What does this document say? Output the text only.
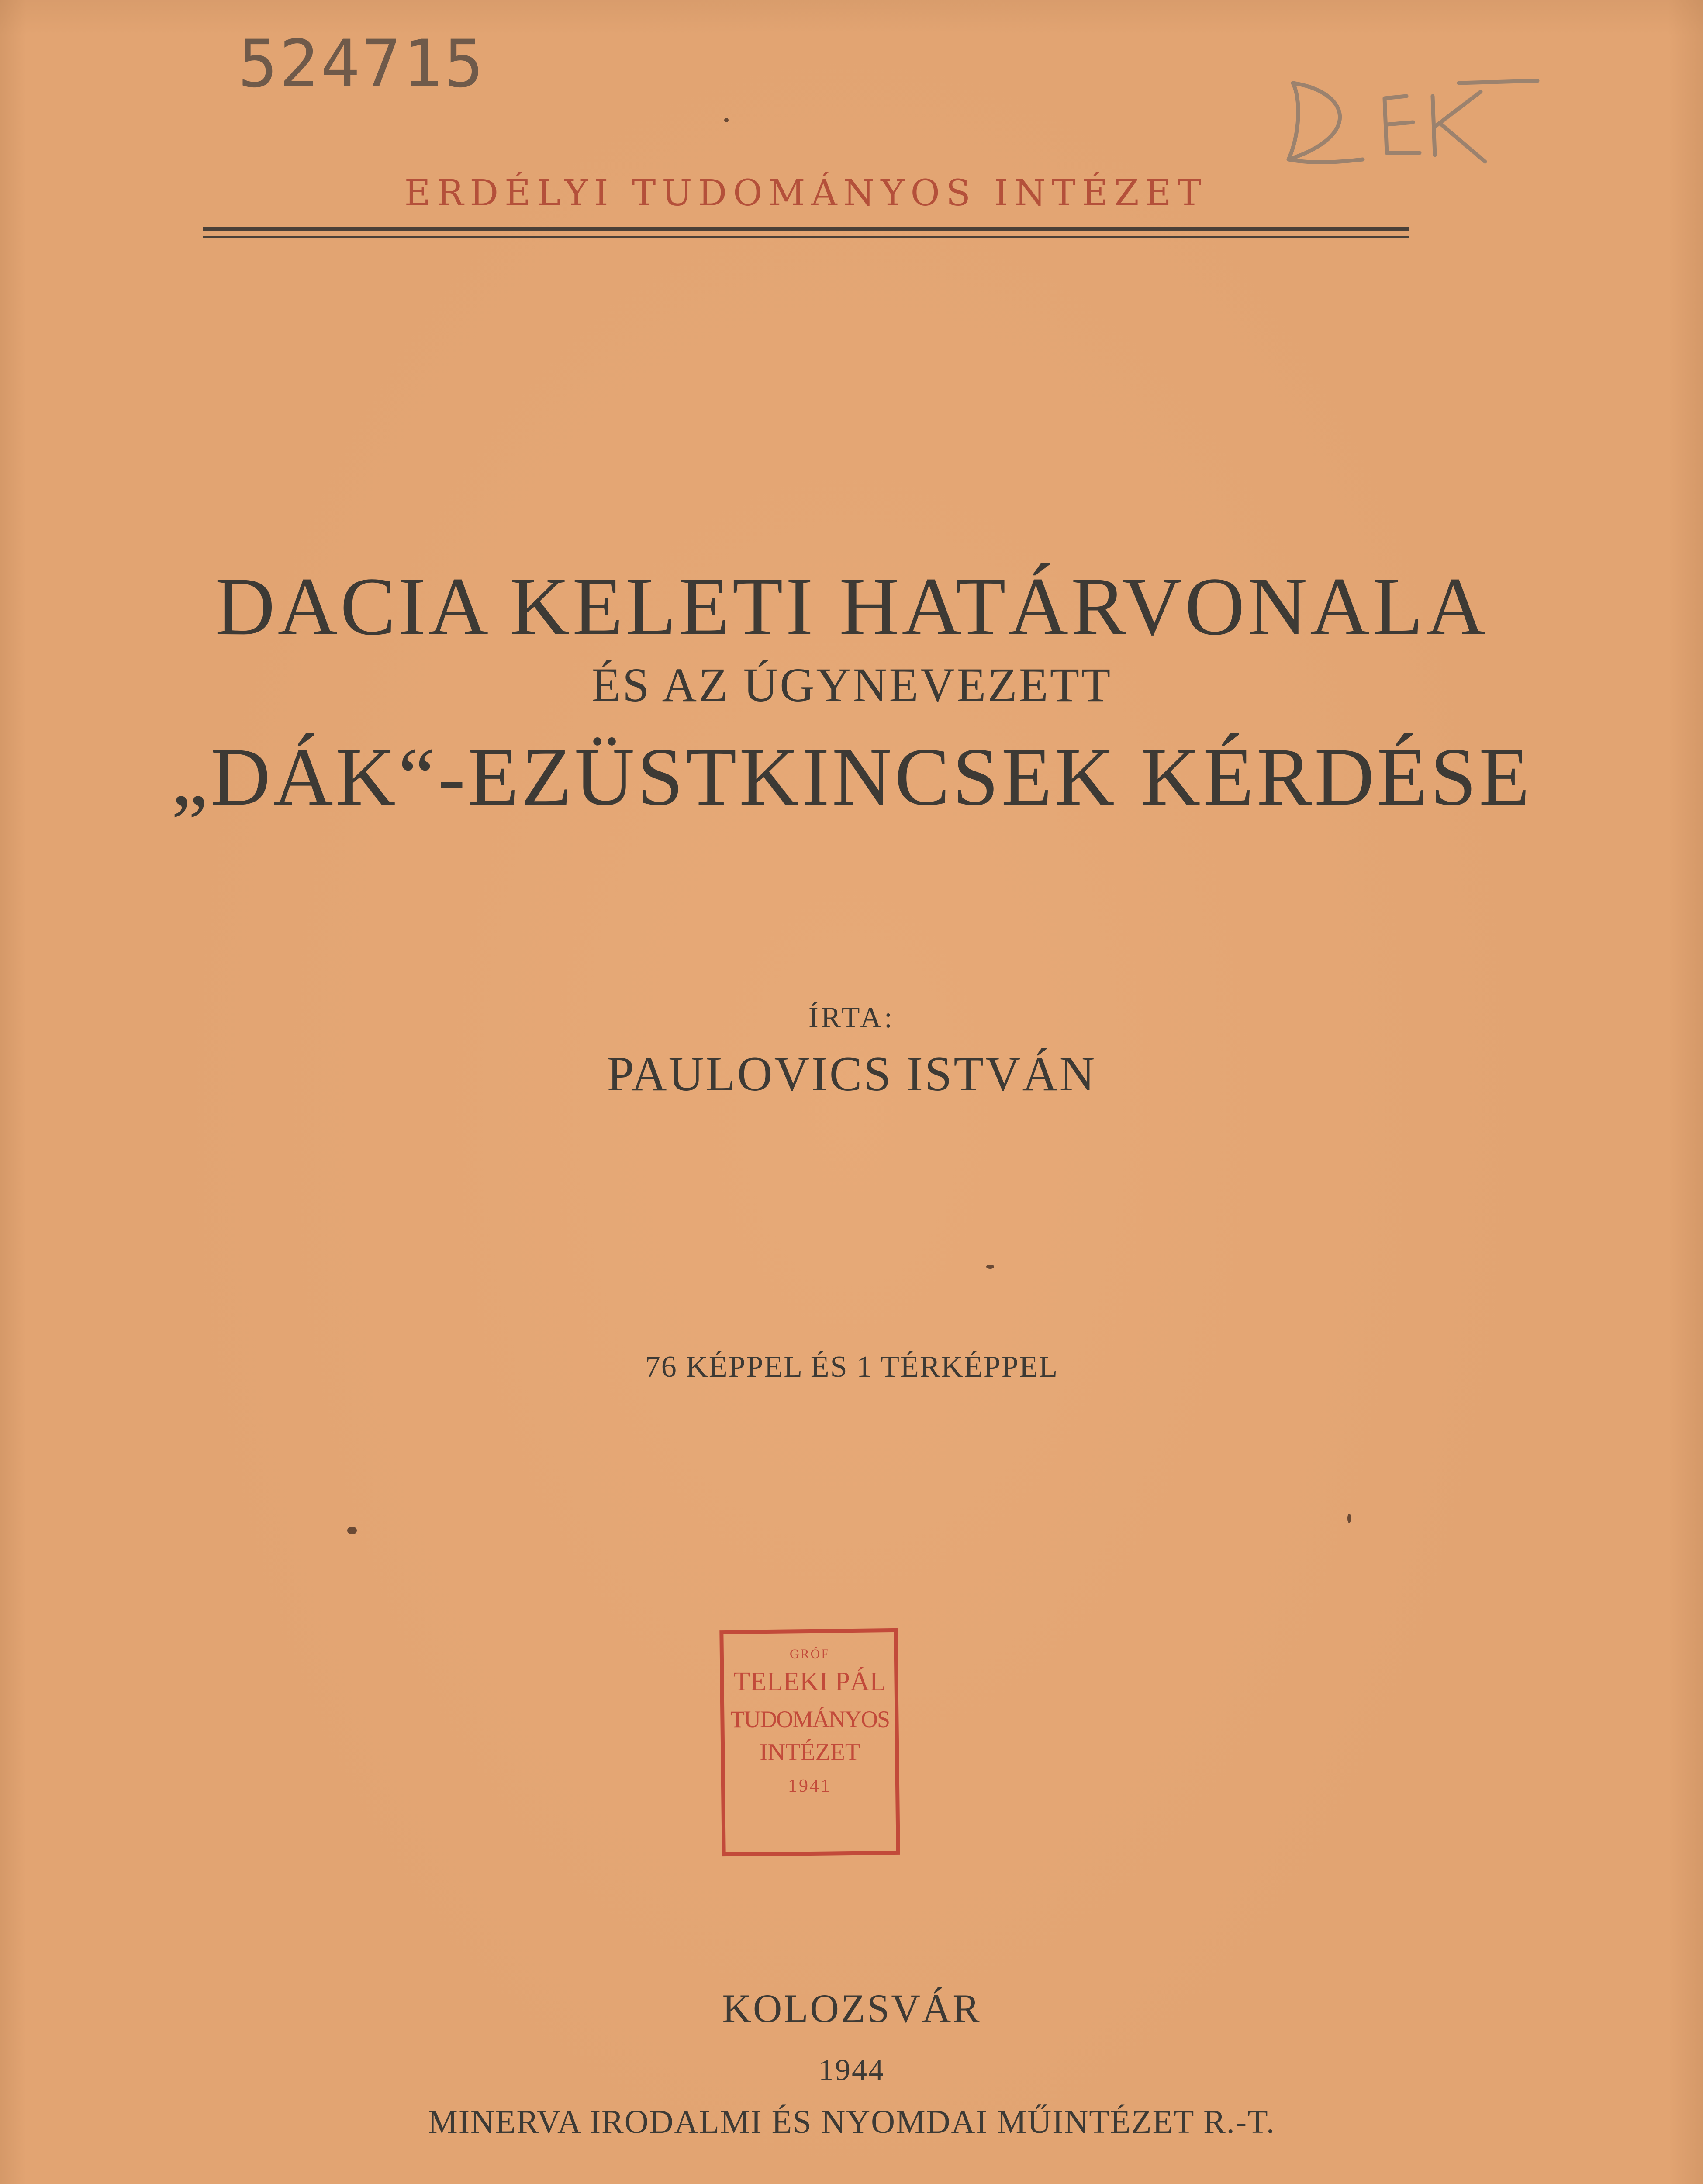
524715
ERDÉLYI TUDOMÁNYOS INTÉZET
DACIA KELETI HATÁRVONALA
ÉS AZ ÚGYNEVEZETT
„DÁK“-EZÜSTKINCSEK KÉRDÉSE
ÍRTA:
PAULOVICS ISTVÁN
76 KÉPPEL ÉS 1 TÉRKÉPPEL
GRÓF
TELEKI PÁL
TUDOMÁNYOS
INTÉZET
1941
KOLOZSVÁR
1944
MINERVA IRODALMI ÉS NYOMDAI MŰINTÉZET R.-T.
